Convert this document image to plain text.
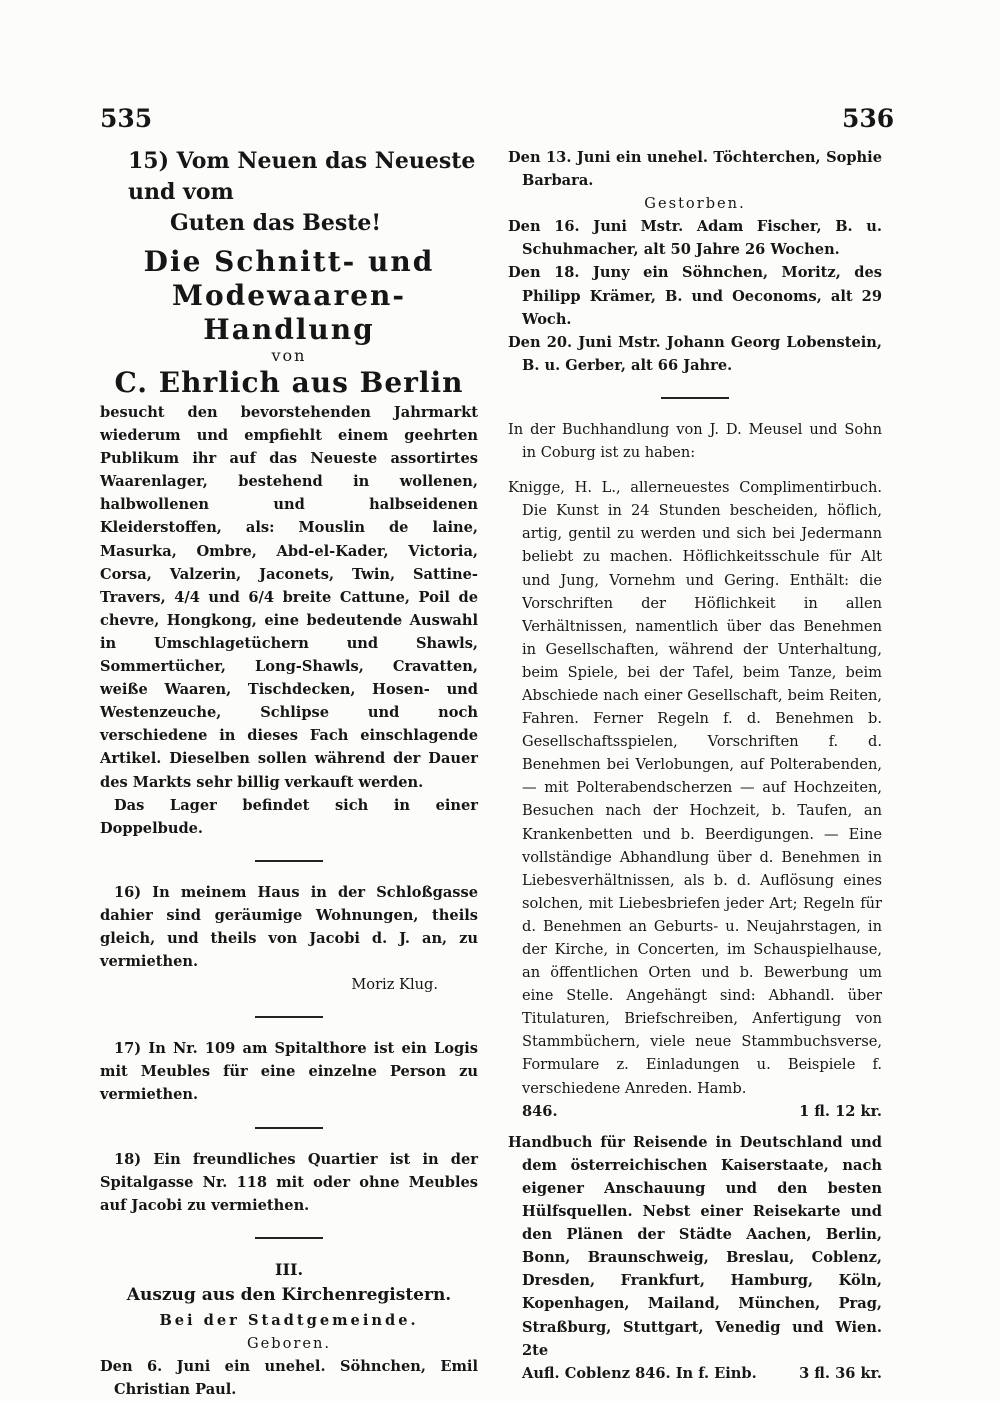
535	536

15) Vom Neuen das Neueste und vom
Guten das Beste!

Die Schnitt- und Modewaaren-
Handlung

von

C. Ehrlich aus Berlin

besucht den bevorstehenden Jahrmarkt wiederum und empfiehlt einem geehrten Publikum ihr auf das Neueste assortirtes Waarenlager, bestehend in wollenen, halbwollenen und halbseidenen Kleiderstoffen, als: Mouslin de laine, Masurka, Ombre, Abd-el-Kader, Victoria, Corsa, Valzerin, Jaconets, Twin, Sattine-Travers, 4/4 und 6/4 breite Cattune, Poil de chevre, Hongkong, eine bedeutende Auswahl in Umschlagetüchern und Shawls, Sommertücher, Long-Shawls, Cravatten, weiße Waaren, Tischdecken, Hosen- und Westenzeuche, Schlipse und noch verschiedene in dieses Fach einschlagende Artikel. Dieselben sollen während der Dauer des Markts sehr billig verkauft werden.

Das Lager befindet sich in einer Doppelbude.

16) In meinem Haus in der Schloßgasse dahier sind geräumige Wohnungen, theils gleich, und theils von Jacobi d. J. an, zu vermiethen.

Moriz Klug.

17) In Nr. 109 am Spitalthore ist ein Logis mit Meubles für eine einzelne Person zu vermiethen.

18) Ein freundliches Quartier ist in der Spitalgasse Nr. 118 mit oder ohne Meubles auf Jacobi zu vermiethen.

III.

Auszug aus den Kirchenregistern.

Bei der Stadtgemeinde.

Geboren.

Den 6. Juni ein unehel. Söhnchen, Emil Christian Paul.

Den 13. Juni ein unehel. Töchterchen, Sophie Barbara.

Gestorben.

Den 16. Juni Mstr. Adam Fischer, B. u. Schuhmacher, alt 50 Jahre 26 Wochen.

Den 18. Juny ein Söhnchen, Moritz, des Philipp Krämer, B. und Oeconoms, alt 29 Woch.

Den 20. Juni Mstr. Johann Georg Lobenstein, B. u. Gerber, alt 66 Jahre.

In der Buchhandlung von J. D. Meusel und Sohn in Coburg ist zu haben:

Knigge, H. L., allerneuestes Complimentirbuch. Die Kunst in 24 Stunden bescheiden, höflich, artig, gentil zu werden und sich bei Jedermann beliebt zu machen. Höflichkeitsschule für Alt und Jung, Vornehm und Gering. Enthält: die Vorschriften der Höflichkeit in allen Verhältnissen, namentlich über das Benehmen in Gesellschaften, während der Unterhaltung, beim Spiele, bei der Tafel, beim Tanze, beim Abschiede nach einer Gesellschaft, beim Reiten, Fahren. Ferner Regeln f. d. Benehmen b. Gesellschaftsspielen, Vorschriften f. d. Benehmen bei Verlobungen, auf Polterabenden, — mit Polterabendscherzen — auf Hochzeiten, Besuchen nach der Hochzeit, b. Taufen, an Krankenbetten und b. Beerdigungen. — Eine vollständige Abhandlung über d. Benehmen in Liebesverhältnissen, als b. d. Auflösung eines solchen, mit Liebesbriefen jeder Art; Regeln für d. Benehmen an Geburts- u. Neujahrstagen, in der Kirche, in Concerten, im Schauspielhause, an öffentlichen Orten und b. Bewerbung um eine Stelle. Angehängt sind: Abhandl. über Titulaturen, Briefschreiben, Anfertigung von Stammbüchern, viele neue Stammbuchsverse, Formulare z. Einladungen u. Beispiele f. verschiedene Anreden. Hamb.

846.	1 fl. 12 kr.

Handbuch für Reisende in Deutschland und dem österreichischen Kaiserstaate, nach eigener Anschauung und den besten Hülfsquellen. Nebst einer Reisekarte und den Plänen der Städte Aachen, Berlin, Bonn, Braunschweig, Breslau, Coblenz, Dresden, Frankfurt, Hamburg, Köln, Kopenhagen, Mailand, München, Prag, Straßburg, Stuttgart, Venedig und Wien. 2te

Aufl. Coblenz 846. In f. Einb.	3 fl. 36 kr.
